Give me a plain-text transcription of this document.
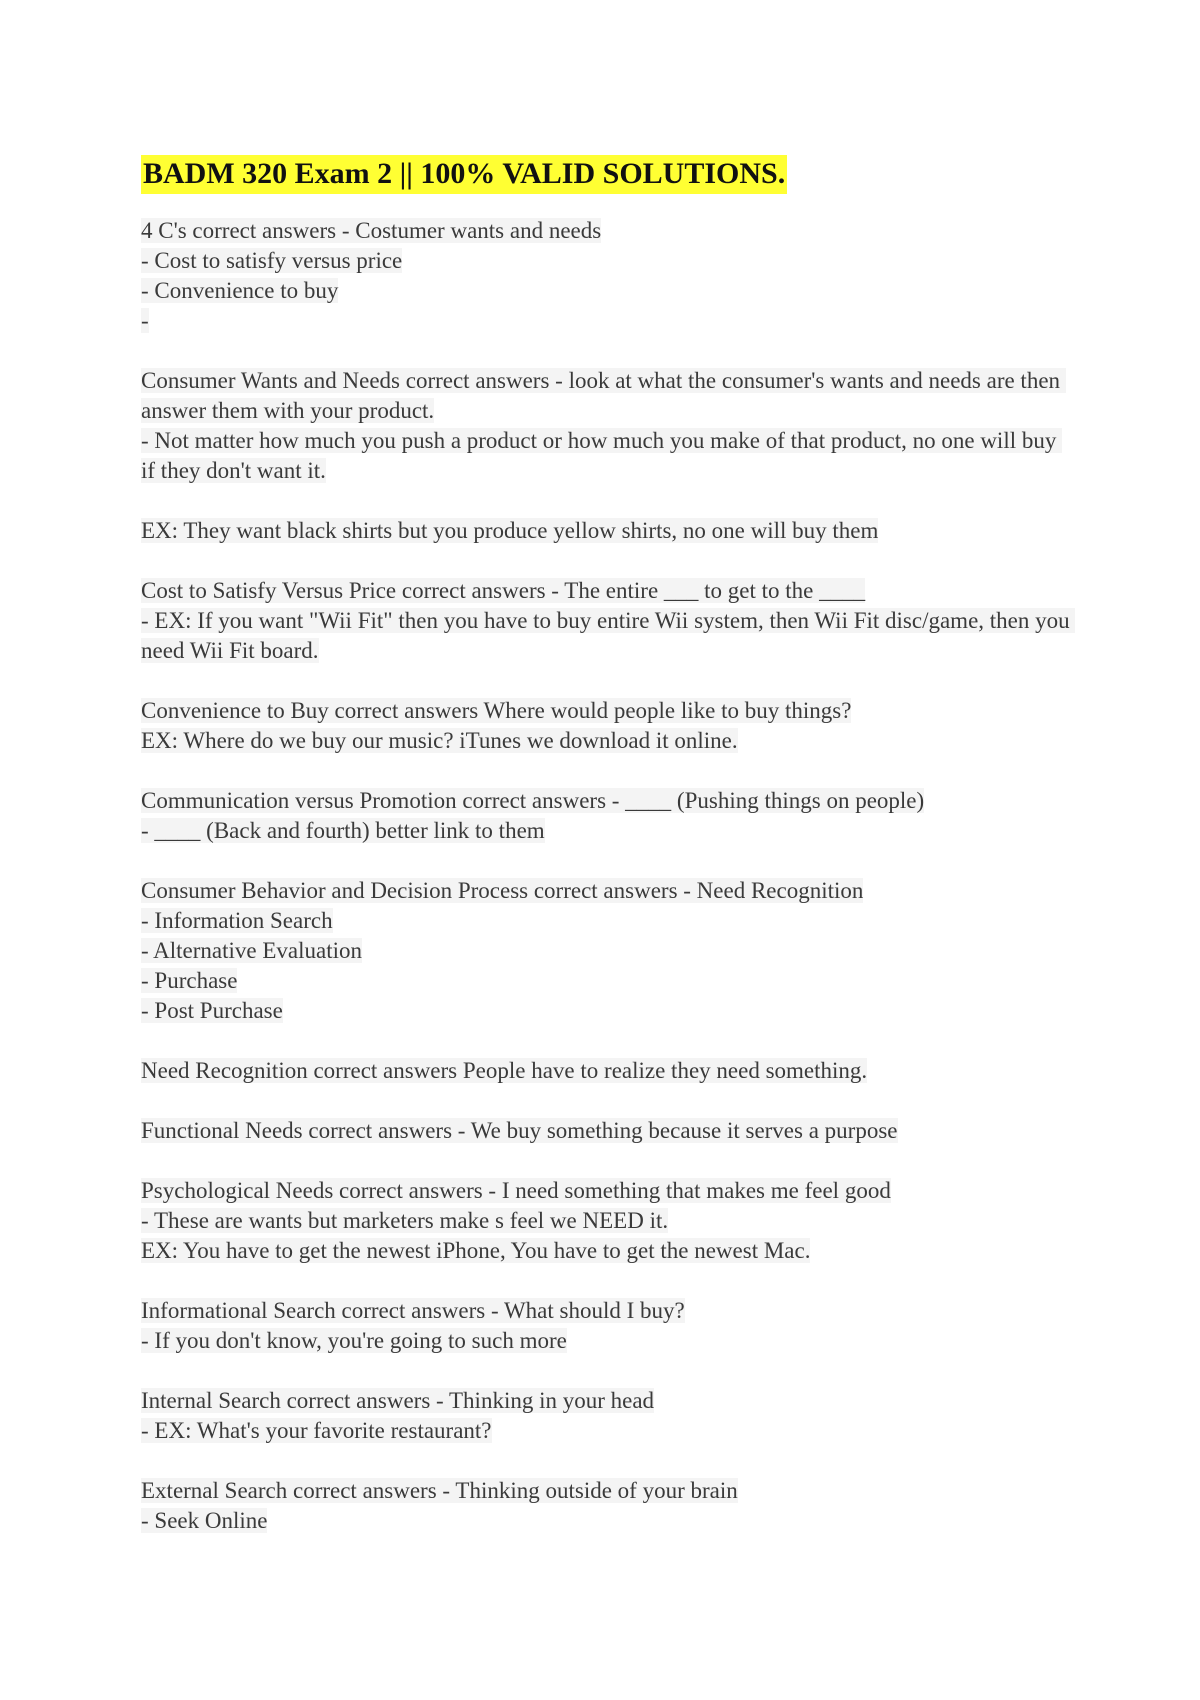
BADM 320 Exam 2 || 100% VALID SOLUTIONS.
4 C's correct answers - Costumer wants and needs
- Cost to satisfy versus price
- Convenience to buy
-
Consumer Wants and Needs correct answers - look at what the consumer's wants and needs are then answer them with your product.
- Not matter how much you push a product or how much you make of that product, no one will buy if they don't want it.
EX: They want black shirts but you produce yellow shirts, no one will buy them
Cost to Satisfy Versus Price correct answers - The entire ___ to get to the ____
- EX: If you want "Wii Fit" then you have to buy entire Wii system, then Wii Fit disc/game, then you need Wii Fit board.
Convenience to Buy correct answers Where would people like to buy things?
EX: Where do we buy our music? iTunes we download it online.
Communication versus Promotion correct answers - ____ (Pushing things on people)
- ____ (Back and fourth) better link to them
Consumer Behavior and Decision Process correct answers - Need Recognition
- Information Search
- Alternative Evaluation
- Purchase
- Post Purchase
Need Recognition correct answers People have to realize they need something.
Functional Needs correct answers - We buy something because it serves a purpose
Psychological Needs correct answers - I need something that makes me feel good
- These are wants but marketers make s feel we NEED it.
EX: You have to get the newest iPhone, You have to get the newest Mac.
Informational Search correct answers - What should I buy?
- If you don't know, you're going to such more
Internal Search correct answers - Thinking in your head
- EX: What's your favorite restaurant?
External Search correct answers - Thinking outside of your brain
- Seek Online
